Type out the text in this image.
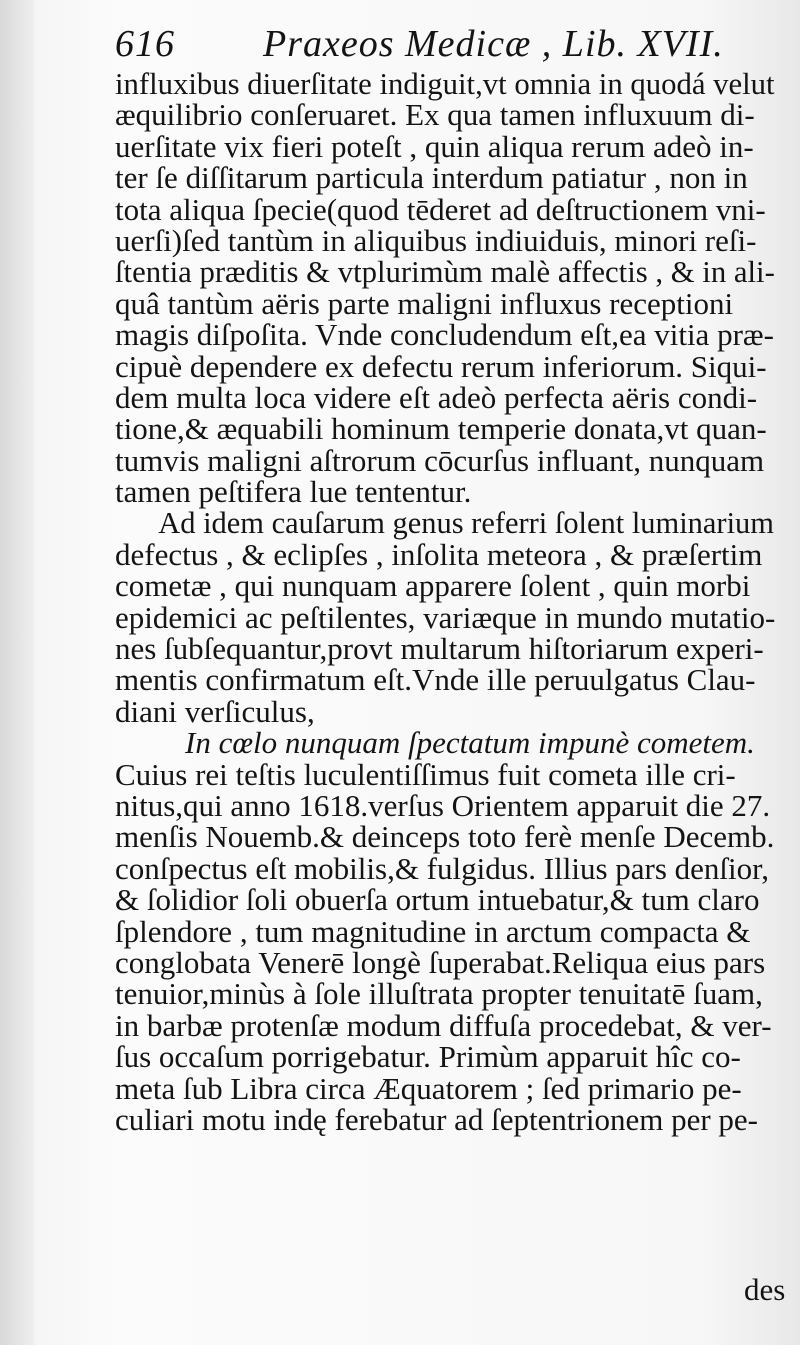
616 Praxeos Medicæ , Lib. XVII.
influxibus diuerſitate indiguit,vt omnia in quodá velut
æquilibrio conſeruaret. Ex qua tamen influxuum di-
uerſitate vix fieri poteſt , quin aliqua rerum adeò in-
ter ſe diſſitarum particula interdum patiatur , non in
tota aliqua ſpecie(quod tēderet ad deſtructionem vni-
uerſi)ſed tantùm in aliquibus indiuiduis, minori reſi-
ſtentia præditis & vtplurimùm malè affectis , & in ali-
quâ tantùm aëris parte maligni influxus receptioni
magis diſpoſita. Vnde concludendum eſt,ea vitia præ-
cipuè dependere ex defectu rerum inferiorum. Siqui-
dem multa loca videre eſt adeò perfecta aëris condi-
tione,& æquabili hominum temperie donata,vt quan-
tumvis maligni aſtrorum cōcurſus influant, nunquam
tamen peſtifera lue tententur.
Ad idem cauſarum genus referri ſolent luminarium
defectus , & eclipſes , inſolita meteora , & præſertim
cometæ , qui nunquam apparere ſolent , quin morbi
epidemici ac peſtilentes, variæque in mundo mutatio-
nes ſubſequantur,provt multarum hiſtoriarum experi-
mentis confirmatum eſt.Vnde ille peruulgatus Clau-
diani verſiculus,
In cœlo nunquam ſpectatum impunè cometem.
Cuius rei teſtis luculentiſſimus fuit cometa ille cri-
nitus,qui anno 1618.verſus Orientem apparuit die 27.
menſis Nouemb.& deinceps toto ferè menſe Decemb.
conſpectus eſt mobilis,& fulgidus. Illius pars denſior,
& ſolidior ſoli obuerſa ortum intuebatur,& tum claro
ſplendore , tum magnitudine in arctum compacta &
conglobata Venerē longè ſuperabat.Reliqua eius pars
tenuior,minùs à ſole illuſtrata propter tenuitatē ſuam,
in barbæ protenſæ modum diffuſa procedebat, & ver-
ſus occaſum porrigebatur. Primùm apparuit hîc co-
meta ſub Libra circa Æquatorem ; ſed primario pe-
culiari motu indę ferebatur ad ſeptentrionem per pe-
des
